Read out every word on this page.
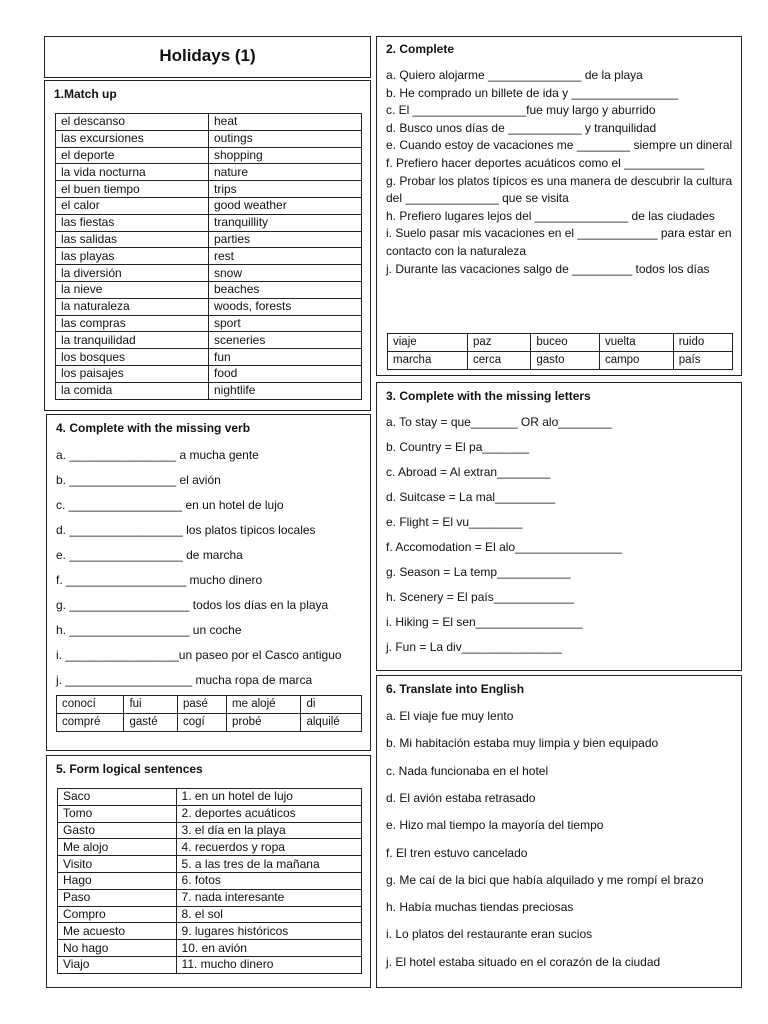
Holidays (1)

1.Match up

el descanso	heat
las excursiones	outings
el deporte	shopping
la vida nocturna	nature
el buen tiempo	trips
el calor	good weather
las fiestas	tranquillity
las salidas	parties
las playas	rest
la diversión	snow
la nieve	beaches
la naturaleza	woods, forests
las compras	sport
la tranquilidad	sceneries
los bosques	fun
los paisajes	food
la comida	nightlife

2. Complete

a. Quiero alojarme ______________ de la playa

b. He comprado un billete de ida y ________________

c. El _________________fue muy largo y aburrido

d. Busco unos días de ___________ y tranquilidad

e. Cuando estoy de vacaciones me ________ siempre un dineral

f. Prefiero hacer deportes acuáticos como el ____________

g. Probar los platos típicos es una manera de descubrir la cultura del ______________ que se visita

h. Prefiero lugares lejos del ______________ de las ciudades

i. Suelo pasar mis vacaciones en el ____________ para estar en contacto con la naturaleza

j. Durante las vacaciones salgo de _________ todos los días

viaje	paz	buceo	vuelta	ruido
marcha	cerca	gasto	campo	país

3. Complete with the missing letters

a. To stay = que_______ OR alo________

b. Country = El pa_______

c. Abroad = Al extran________

d. Suitcase = La mal_________

e. Flight = El vu________

f. Accomodation = El alo________________

g. Season = La temp___________

h. Scenery = El país____________

i. Hiking = El sen________________

j. Fun = La div_______________

4. Complete with the missing verb

a. ________________ a mucha gente

b. ________________ el avión

c. _________________ en un hotel de lujo

d. _________________ los platos típicos locales

e. _________________ de marcha

f. __________________ mucho dinero

g. __________________ todos los días en la playa

h. __________________ un coche

i. _________________un paseo por el Casco antiguo

j. ___________________ mucha ropa de marca

conocí	fui	pasé	me alojé	di
compré	gasté	cogí	probé	alquilé

5. Form logical sentences

Saco	1. en un hotel de lujo
Tomo	2. deportes acuáticos
Gasto	3. el día en la playa
Me alojo	4. recuerdos y ropa
Visito	5. a las tres de la mañana
Hago	6. fotos
Paso	7. nada interesante
Compro	8. el sol
Me acuesto	9. lugares históricos
No hago	10. en avión
Viajo	11. mucho dinero

6. Translate into English

a. El viaje fue muy lento

b. Mi habitación estaba muy limpia y bien equipado

c. Nada funcionaba en el hotel

d. El avión estaba retrasado

e. Hizo mal tiempo la mayoría del tiempo

f. El tren estuvo cancelado

g. Me caí de la bici que había alquilado y me rompí el brazo

h. Había muchas tiendas preciosas

i. Lo platos del restaurante eran sucios

j. El hotel estaba situado en el corazón de la ciudad
